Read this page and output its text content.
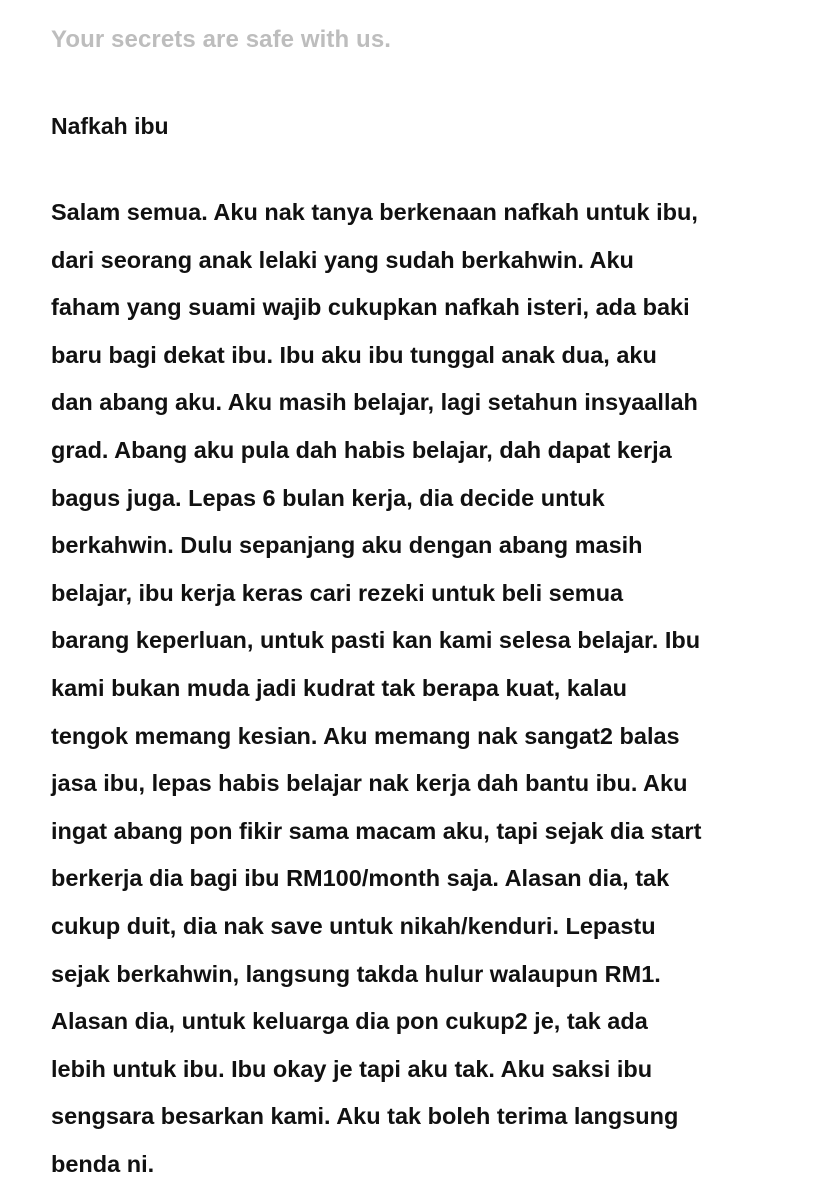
Your secrets are safe with us.

Nafkah ibu
Salam semua. Aku nak tanya berkenaan nafkah untuk ibu,
dari seorang anak lelaki yang sudah berkahwin. Aku
faham yang suami wajib cukupkan nafkah isteri, ada baki
baru bagi dekat ibu. Ibu aku ibu tunggal anak dua, aku
dan abang aku. Aku masih belajar, lagi setahun insyaallah
grad. Abang aku pula dah habis belajar, dah dapat kerja
bagus juga. Lepas 6 bulan kerja, dia decide untuk
berkahwin. Dulu sepanjang aku dengan abang masih
belajar, ibu kerja keras cari rezeki untuk beli semua
barang keperluan, untuk pasti kan kami selesa belajar. Ibu
kami bukan muda jadi kudrat tak berapa kuat, kalau
tengok memang kesian. Aku memang nak sangat2 balas
jasa ibu, lepas habis belajar nak kerja dah bantu ibu. Aku
ingat abang pon fikir sama macam aku, tapi sejak dia start
berkerja dia bagi ibu RM100/month saja. Alasan dia, tak
cukup duit, dia nak save untuk nikah/kenduri. Lepastu
sejak berkahwin, langsung takda hulur walaupun RM1.
Alasan dia, untuk keluarga dia pon cukup2 je, tak ada
lebih untuk ibu. Ibu okay je tapi aku tak. Aku saksi ibu
sengsara besarkan kami. Aku tak boleh terima langsung
benda ni.
